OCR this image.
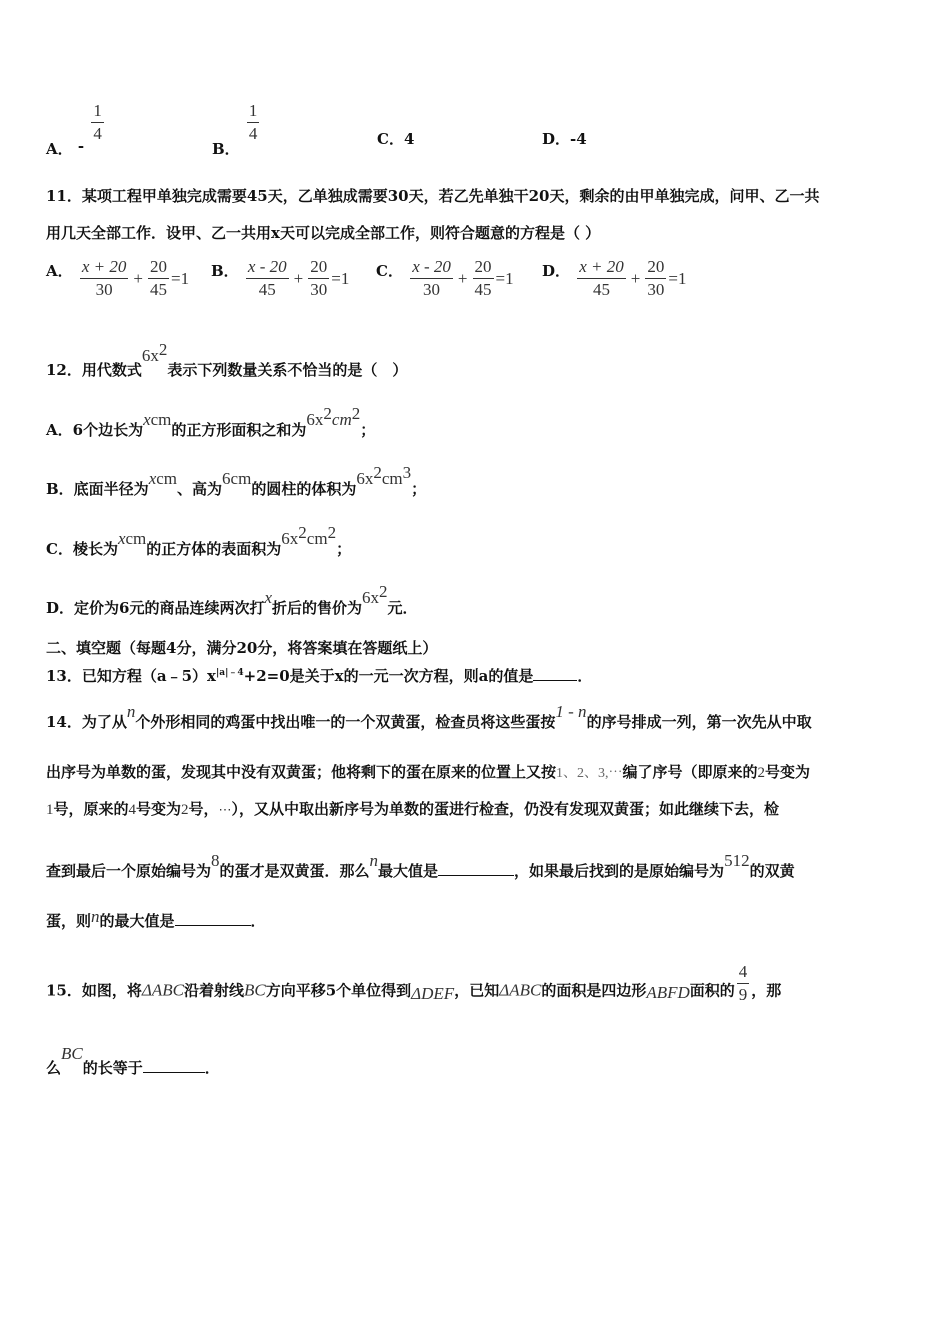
A． -
$\frac{1}{4}$
B．
$\frac{1}{4}$	C．4	D．-4
11．某项工程甲单独完成需要45天，乙单独成需要30天，若乙先单独干20天，剩余的由甲单独完成，问甲、乙一共
用几天全部工作．设甲、乙一共用x天可以完成全部工作，则符合题意的方程是（ ）
A． $\frac{x + 20}{30} + \frac{20}{45} =1$ B． $\frac{x - 20}{45} + \frac{20}{30} =1$ C． $\frac{x - 20}{30} + \frac{20}{45} =1$ D． $\frac{x + 20}{45} + \frac{20}{30} =1$
12．用代数式$6x^2$表示下列数量关系不恰当的是（　）
A．6个边长为xcm的正方形面积之和为$6x^2cm^2$；
B．底面半径为xcm、高为6cm的圆柱的体积为$6x^2cm^3$；
C．棱长为xcm的正方体的表面积为$6x^2cm^2$；
D．定价为6元的商品连续两次打x折后的售价为$6x^2$元．
二、填空题（每题4分，满分20分，将答案填在答题纸上）
13．已知方程$(a﹣5)x^{|a|﹣4}+2=0$是关于x的一元一次方程，则a的值是	．
14．为了从n个外形相同的鸡蛋中找出唯一的一个双黄蛋，检查员将这些蛋按1 - n的序号排成一列，第一次先从中取
出序号为单数的蛋，发现其中没有双黄蛋；他将剩下的蛋在原来的位置上又按1、2、3,⋯编了序号（即原来的2号变为
1号，原来的4号变为2号，⋯），又从中取出新序号为单数的蛋进行检查，仍没有发现双黄蛋；如此继续下去，检
查到最后一个原始编号为8的蛋才是双黄蛋．那么n最大值是	，如果最后找到的是原始编号为512的双黄
蛋，则n的最大值是	．
15．如图，将ΔABC沿着射线BC方向平移5个单位得到ΔDEF，已知ΔABC的面积是四边形ABFD面积的 $\frac{4}{9}$ ，那
么BC的长等于	．
